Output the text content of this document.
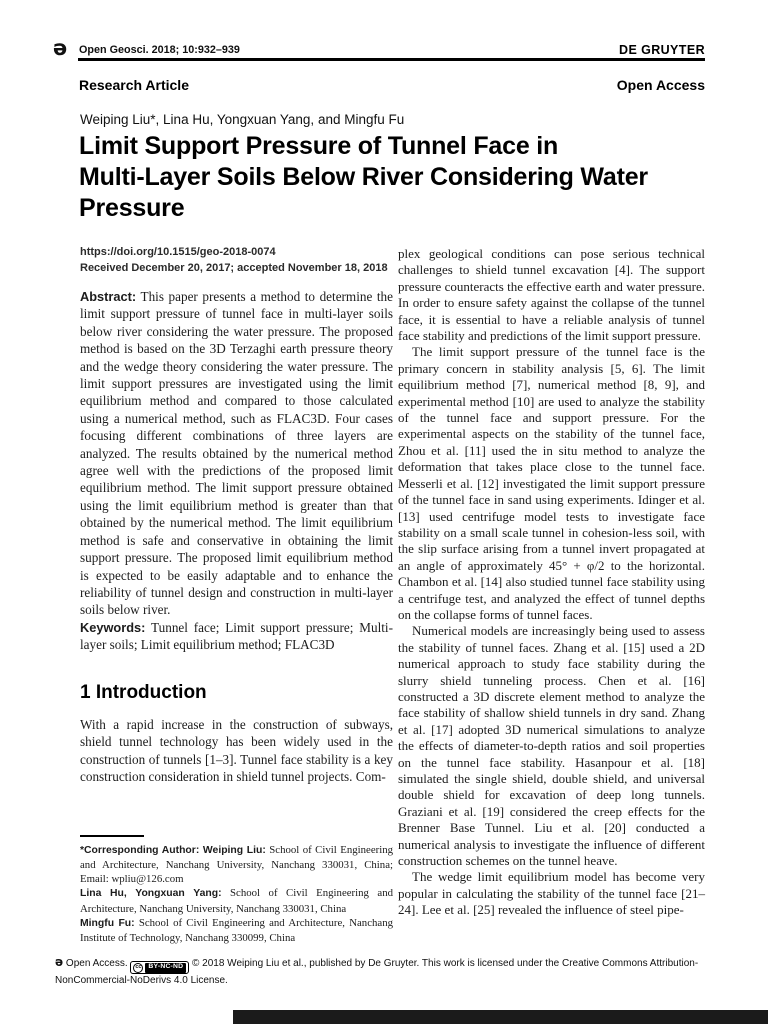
ə Open Geosci. 2018; 10:932–939	DE GRUYTER
Research Article	Open Access
Weiping Liu*, Lina Hu, Yongxuan Yang, and Mingfu Fu
Limit Support Pressure of Tunnel Face in
Multi-Layer Soils Below River Considering Water
Pressure
https://doi.org/10.1515/geo-2018-0074
Received December 20, 2017; accepted November 18, 2018

Abstract: This paper presents a method to determine the limit support pressure of tunnel face in multi-layer soils below river considering the water pressure. The proposed method is based on the 3D Terzaghi earth pressure theory and the wedge theory considering the water pressure. The limit support pressures are investigated using the limit equilibrium method and compared to those calculated using a numerical method, such as FLAC3D. Four cases focusing different combinations of three layers are analyzed. The results obtained by the numerical method agree well with the predictions of the proposed limit equilibrium method. The limit support pressure obtained using the limit equilibrium method is greater than that obtained by the numerical method. The limit equilibrium method is safe and conservative in obtaining the limit support pressure. The proposed limit equilibrium method is expected to be easily adaptable and to enhance the reliability of tunnel design and construction in multi-layer soils below river.

Keywords: Tunnel face; Limit support pressure; Multi-layer soils; Limit equilibrium method; FLAC3D

1 Introduction

With a rapid increase in the construction of subways, shield tunnel technology has been widely used in the construction of tunnels [1–3]. Tunnel face stability is a key construction consideration in shield tunnel projects. Com-

plex geological conditions can pose serious technical challenges to shield tunnel excavation [4]. The support pressure counteracts the effective earth and water pressure. In order to ensure safety against the collapse of the tunnel face, it is essential to have a reliable analysis of tunnel face stability and predictions of the limit support pressure.

The limit support pressure of the tunnel face is the primary concern in stability analysis [5, 6]. The limit equilibrium method [7], numerical method [8, 9], and experimental method [10] are used to analyze the stability of the tunnel face and support pressure. For the experimental aspects on the stability of the tunnel face, Zhou et al. [11] used the in situ method to analyze the deformation that takes place close to the tunnel face. Messerli et al. [12] investigated the limit support pressure of the tunnel face in sand using experiments. Idinger et al. [13] used centrifuge model tests to investigate face stability on a small scale tunnel in cohesion-less soil, with the slip surface arising from a tunnel invert propagated at an angle of approximately 45° + φ/2 to the horizontal. Chambon et al. [14] also studied tunnel face stability using a centrifuge test, and analyzed the effect of tunnel depths on the collapse forms of tunnel faces.

Numerical models are increasingly being used to assess the stability of tunnel faces. Zhang et al. [15] used a 2D numerical approach to study face stability during the slurry shield tunneling process. Chen et al. [16] constructed a 3D discrete element method to analyze the face stability of shallow shield tunnels in dry sand. Zhang et al. [17] adopted 3D numerical simulations to analyze the effects of diameter-to-depth ratios and soil properties on the tunnel face stability. Hasanpour et al. [18] simulated the single shield, double shield, and universal double shield for excavation of deep long tunnels. Graziani et al. [19] considered the creep effects for the Brenner Base Tunnel. Liu et al. [20] conducted a numerical analysis to investigate the influence of different construction schemes on the tunnel heave.

The wedge limit equilibrium model has become very popular in calculating the stability of the tunnel face [21–24]. Lee et al. [25] revealed the influence of steel pipe-

*Corresponding Author: Weiping Liu: School of Civil Engineering and Architecture, Nanchang University, Nanchang 330031, China; Email: wpliu@126.com
Lina Hu, Yongxuan Yang: School of Civil Engineering and Architecture, Nanchang University, Nanchang 330031, China
Mingfu Fu: School of Civil Engineering and Architecture, Nanchang Institute of Technology, Nanchang 330099, China
ə Open Access. cc	BY-NC-ND © 2018 Weiping Liu et al., published by De Gruyter. This work is licensed under the Creative Commons Attribution-NonCommercial-NoDerivs 4.0 License.
